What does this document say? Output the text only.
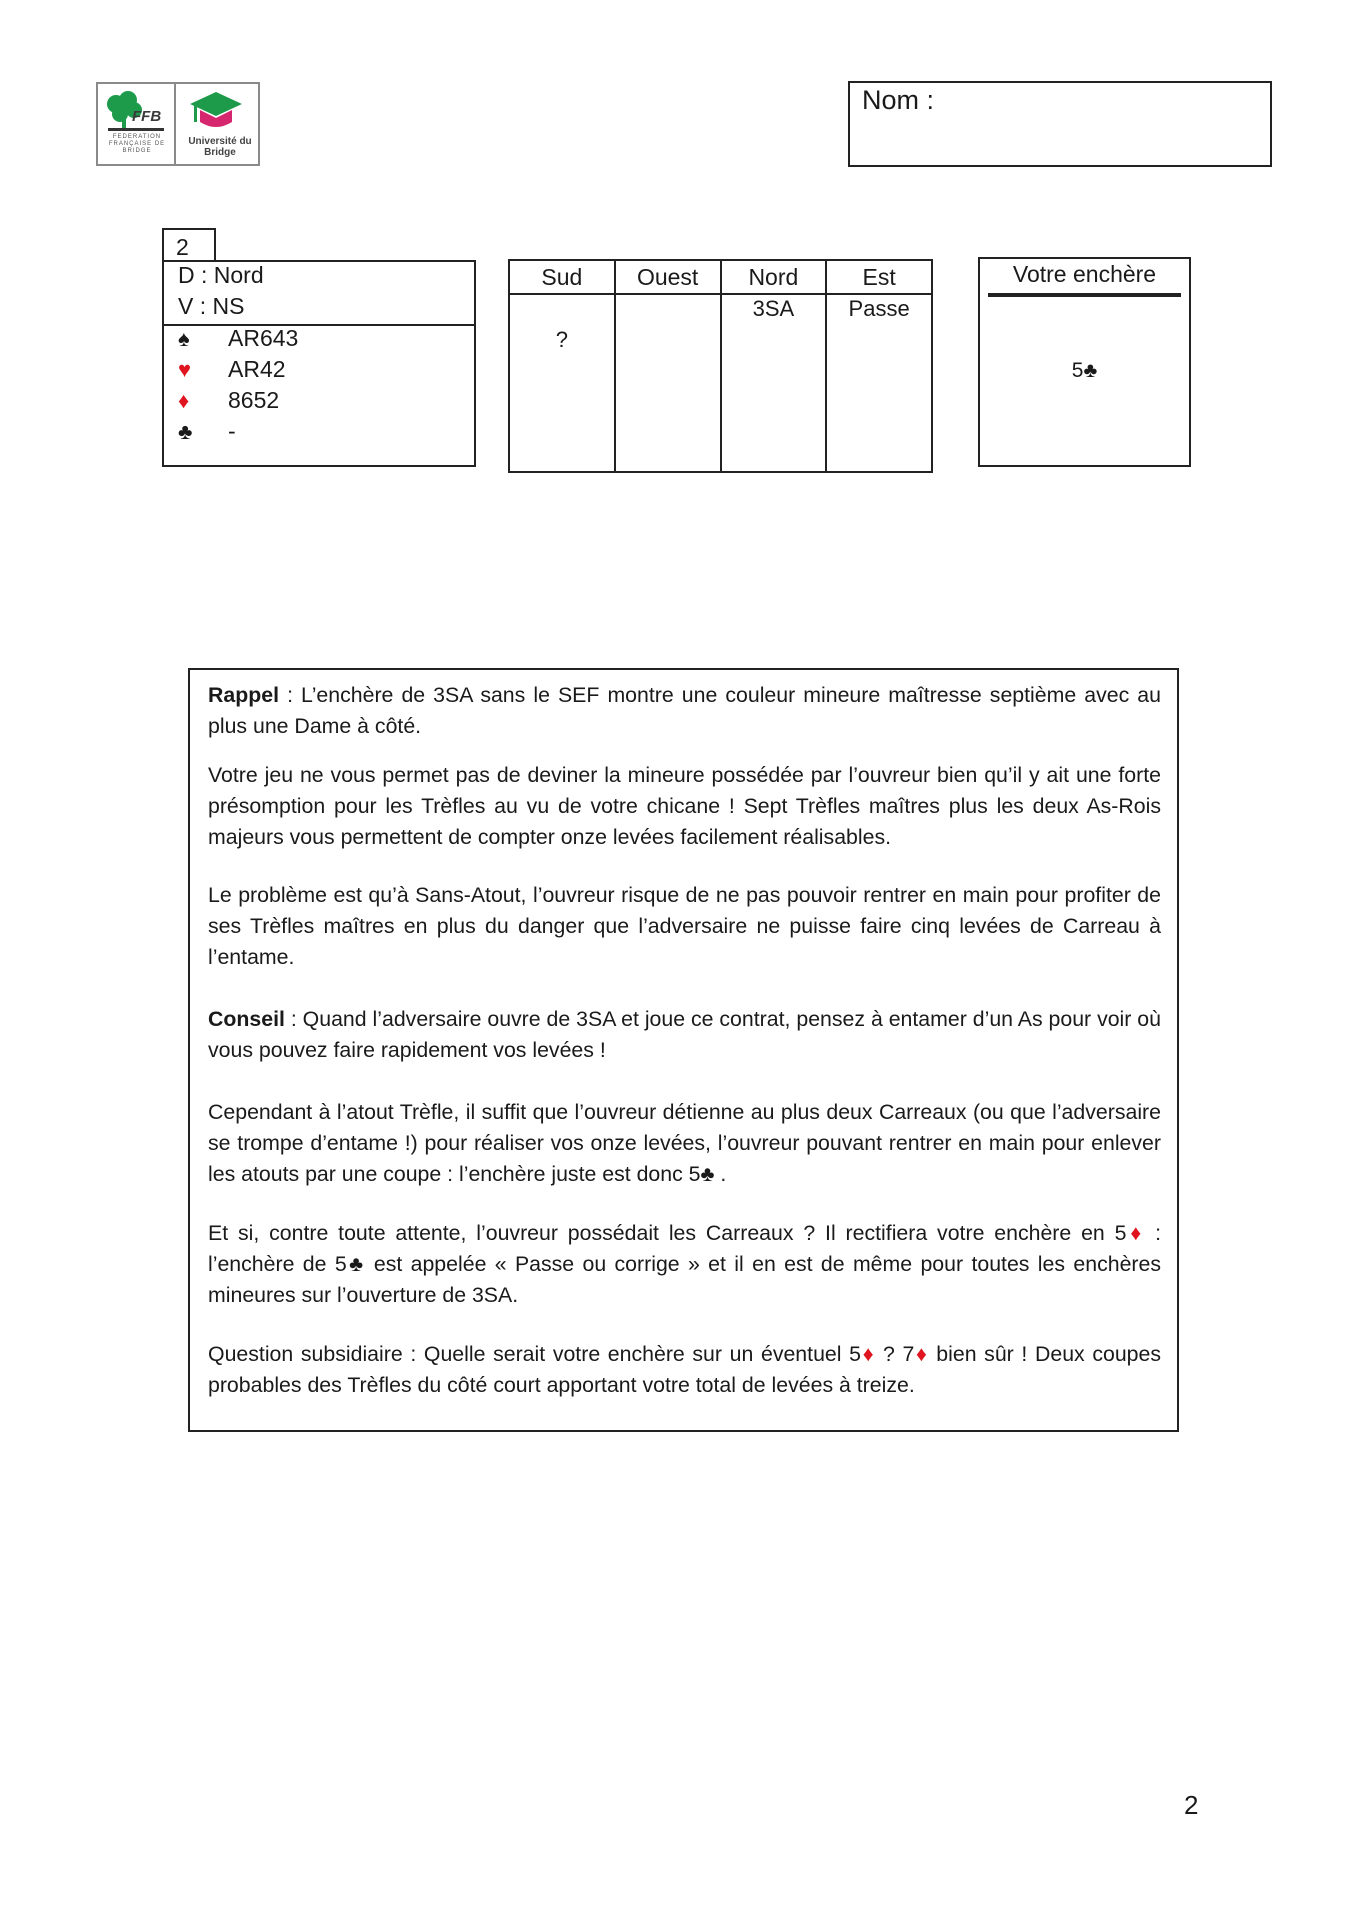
FFB
FEDERATION FRANÇAISE DE BRIDGE
Université du Bridge
Nom :
2
D : Nord
V : NS
♠ AR643
♥ AR42
♦ 8652
♣ -
Sud
?
Ouest	Nord
3SA
Est
Passe
Votre enchère
5♣

Rappel : L’enchère de 3SA sans le SEF montre une couleur mineure maîtresse septième avec au plus une Dame à côté.

Votre jeu ne vous permet pas de deviner la mineure possédée par l’ouvreur bien qu’il y ait une forte présomption pour les Trèfles au vu de votre chicane ! Sept Trèfles maîtres plus les deux As-Rois majeurs vous permettent de compter onze levées facilement réalisables.

Le problème est qu’à Sans-Atout, l’ouvreur risque de ne pas pouvoir rentrer en main pour profiter de ses Trèfles maîtres en plus du danger que l’adversaire ne puisse faire cinq levées de Carreau à l’entame.

Conseil : Quand l’adversaire ouvre de 3SA et joue ce contrat, pensez à entamer d’un As pour voir où vous pouvez faire rapidement vos levées !

Cependant à l’atout Trèfle, il suffit que l’ouvreur détienne au plus deux Carreaux (ou que l’adversaire se trompe d’entame !) pour réaliser vos onze levées, l’ouvreur pouvant rentrer en main pour enlever les atouts par une coupe : l’enchère juste est donc 5♣ .

Et si, contre toute attente, l’ouvreur possédait les Carreaux ? Il rectifiera votre enchère en 5♦ : l’enchère de 5♣ est appelée « Passe ou corrige » et il en est de même pour toutes les enchères mineures sur l’ouverture de 3SA.

Question subsidiaire : Quelle serait votre enchère sur un éventuel 5♦ ? 7♦ bien sûr ! Deux coupes probables des Trèfles du côté court apportant votre total de levées à treize.

2
